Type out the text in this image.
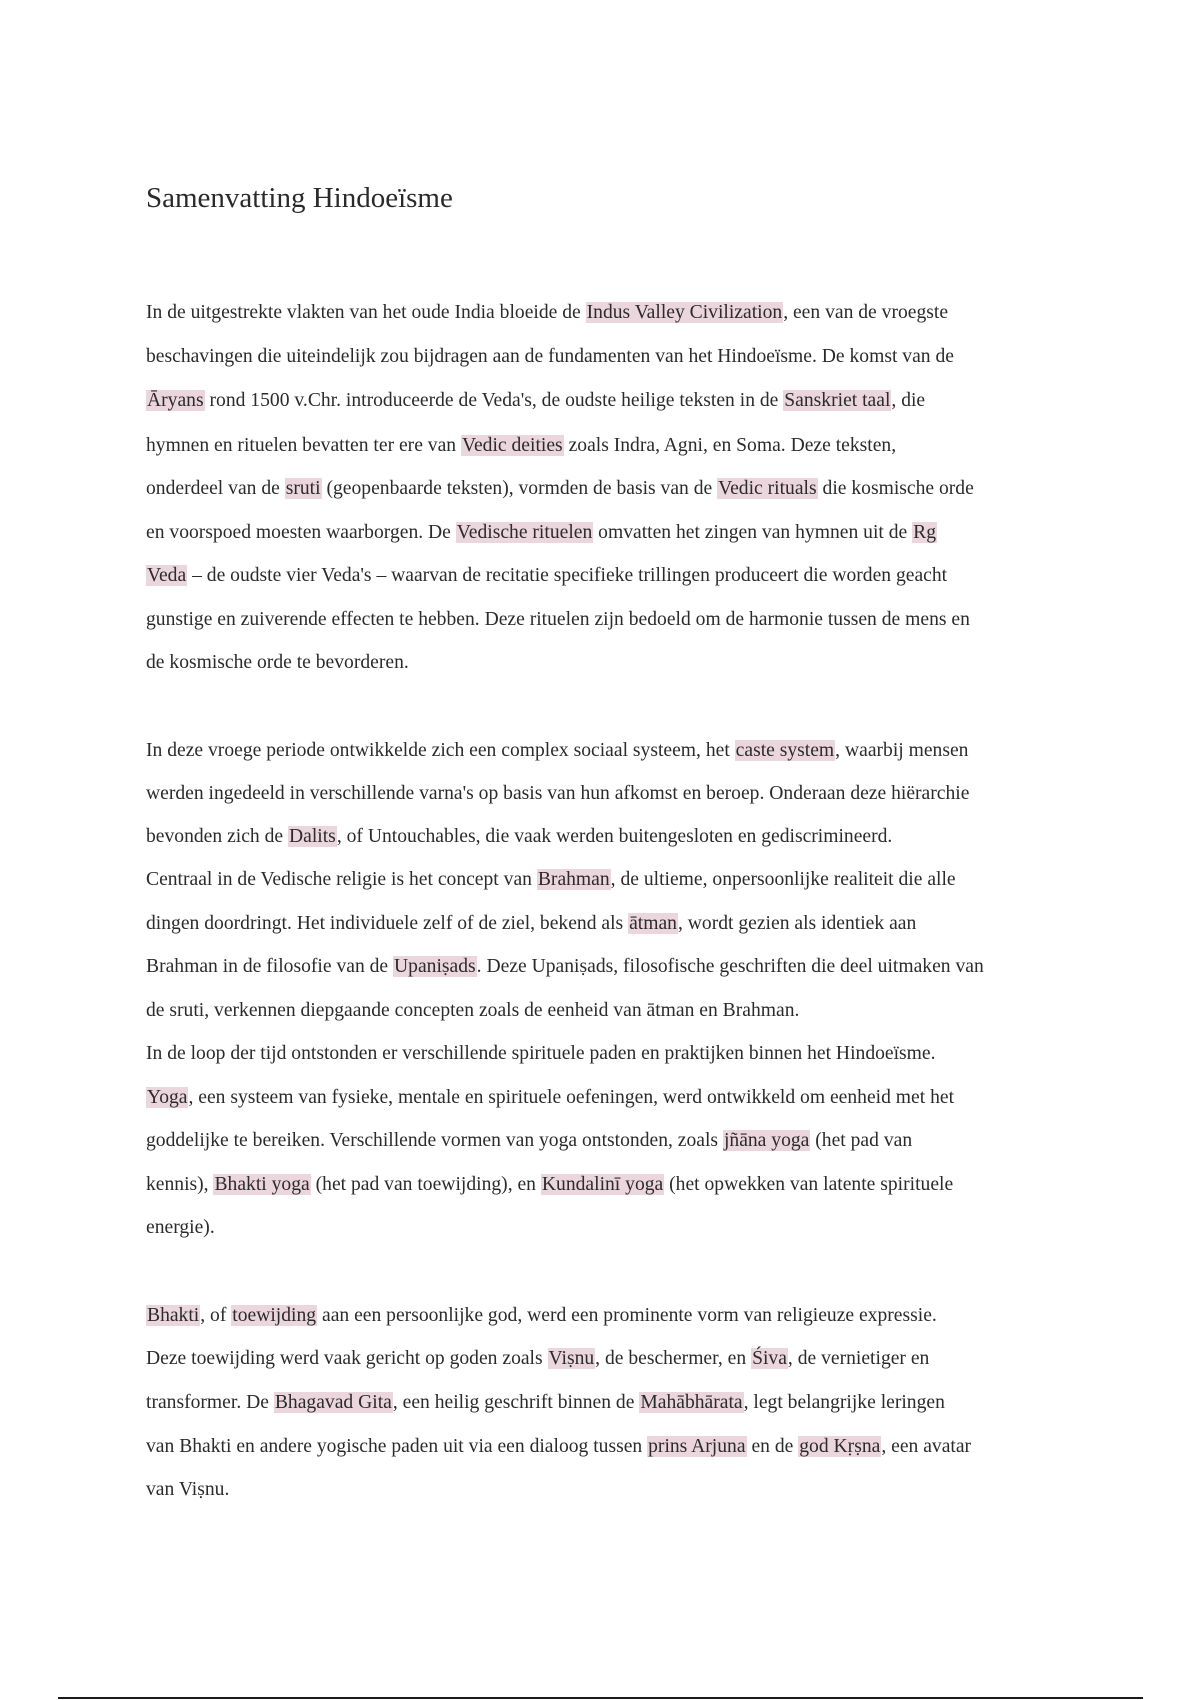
Samenvatting Hindoeïsme
In de uitgestrekte vlakten van het oude India bloeide de Indus Valley Civilization, een van de vroegste
beschavingen die uiteindelijk zou bijdragen aan de fundamenten van het Hindoeïsme. De komst van de
Āryans rond 1500 v.Chr. introduceerde de Veda's, de oudste heilige teksten in de Sanskriet taal, die
hymnen en rituelen bevatten ter ere van Vedic deities zoals Indra, Agni, en Soma. Deze teksten,
onderdeel van de sruti (geopenbaarde teksten), vormden de basis van de Vedic rituals die kosmische orde
en voorspoed moesten waarborgen. De Vedische rituelen omvatten het zingen van hymnen uit de Rg
Veda – de oudste vier Veda's – waarvan de recitatie specifieke trillingen produceert die worden geacht
gunstige en zuiverende effecten te hebben. Deze rituelen zijn bedoeld om de harmonie tussen de mens en
de kosmische orde te bevorderen.
In deze vroege periode ontwikkelde zich een complex sociaal systeem, het caste system, waarbij mensen
werden ingedeeld in verschillende varna's op basis van hun afkomst en beroep. Onderaan deze hiërarchie
bevonden zich de Dalits, of Untouchables, die vaak werden buitengesloten en gediscrimineerd.
Centraal in de Vedische religie is het concept van Brahman, de ultieme, onpersoonlijke realiteit die alle
dingen doordringt. Het individuele zelf of de ziel, bekend als ātman, wordt gezien als identiek aan
Brahman in de filosofie van de Upaniṣads. Deze Upaniṣads, filosofische geschriften die deel uitmaken van
de sruti, verkennen diepgaande concepten zoals de eenheid van ātman en Brahman.
In de loop der tijd ontstonden er verschillende spirituele paden en praktijken binnen het Hindoeïsme.
Yoga, een systeem van fysieke, mentale en spirituele oefeningen, werd ontwikkeld om eenheid met het
goddelijke te bereiken. Verschillende vormen van yoga ontstonden, zoals jñāna yoga (het pad van
kennis), Bhakti yoga (het pad van toewijding), en Kundalinī yoga (het opwekken van latente spirituele
energie).
Bhakti, of toewijding aan een persoonlijke god, werd een prominente vorm van religieuze expressie.
Deze toewijding werd vaak gericht op goden zoals Viṣnu, de beschermer, en Śiva, de vernietiger en
transformer. De Bhagavad Gita, een heilig geschrift binnen de Mahābhārata, legt belangrijke leringen
van Bhakti en andere yogische paden uit via een dialoog tussen prins Arjuna en de god Kṛṣna, een avatar
van Viṣnu.
